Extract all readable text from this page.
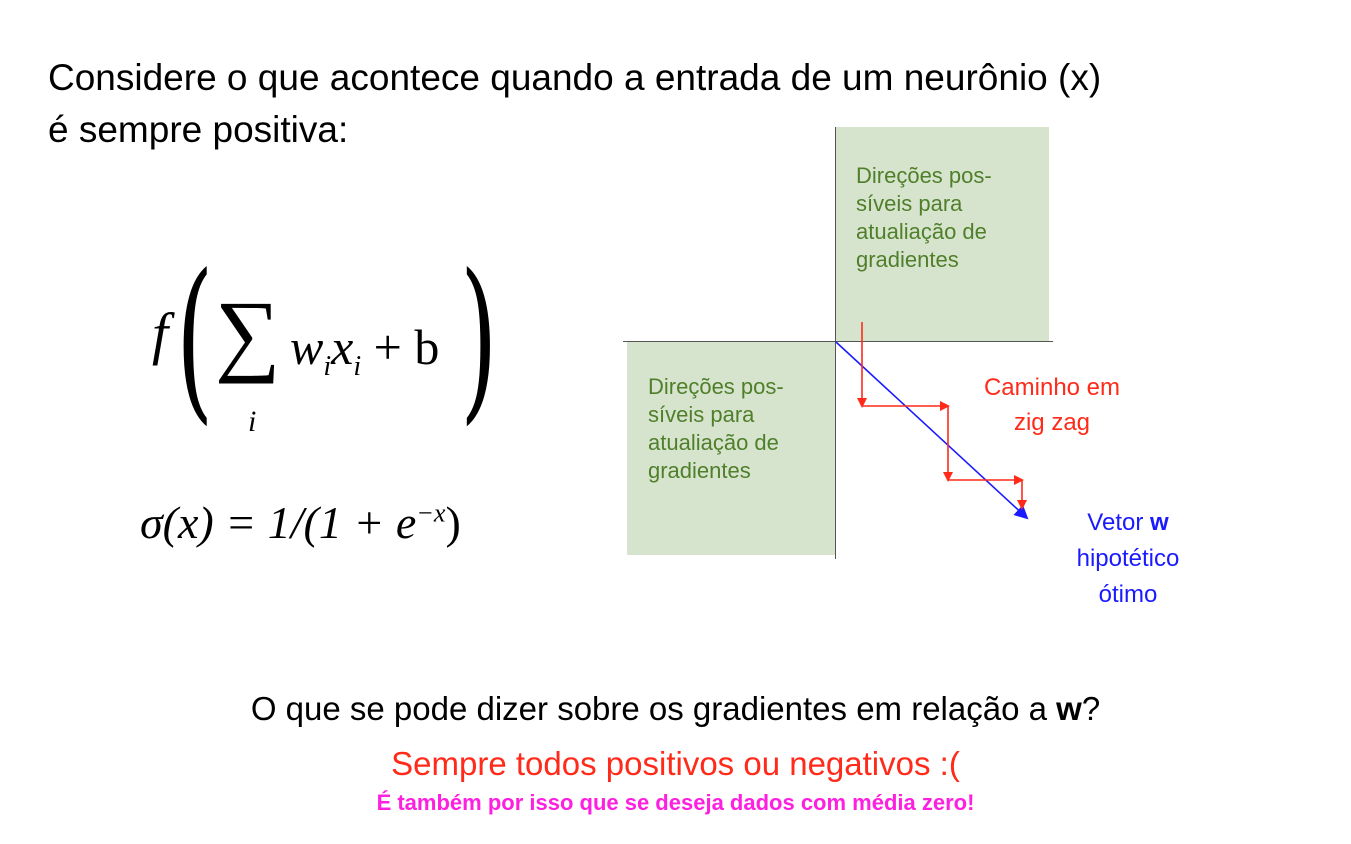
Considere o que acontece quando a entrada de um neurônio (x)
é sempre positiva:
f ( ∑
i
$w_ix_i + b$ )
$\sigma(x) = 1/(1 + e^{-x})$
Direções pos-
síveis para
atualiação de
gradientes
Direções pos-
síveis para
atualiação de
gradientes
Caminho em
zig zag
Vetor w
hipotético
ótimo
O que se pode dizer sobre os gradientes em relação a w?
Sempre todos positivos ou negativos :(
É também por isso que se deseja dados com média zero!
